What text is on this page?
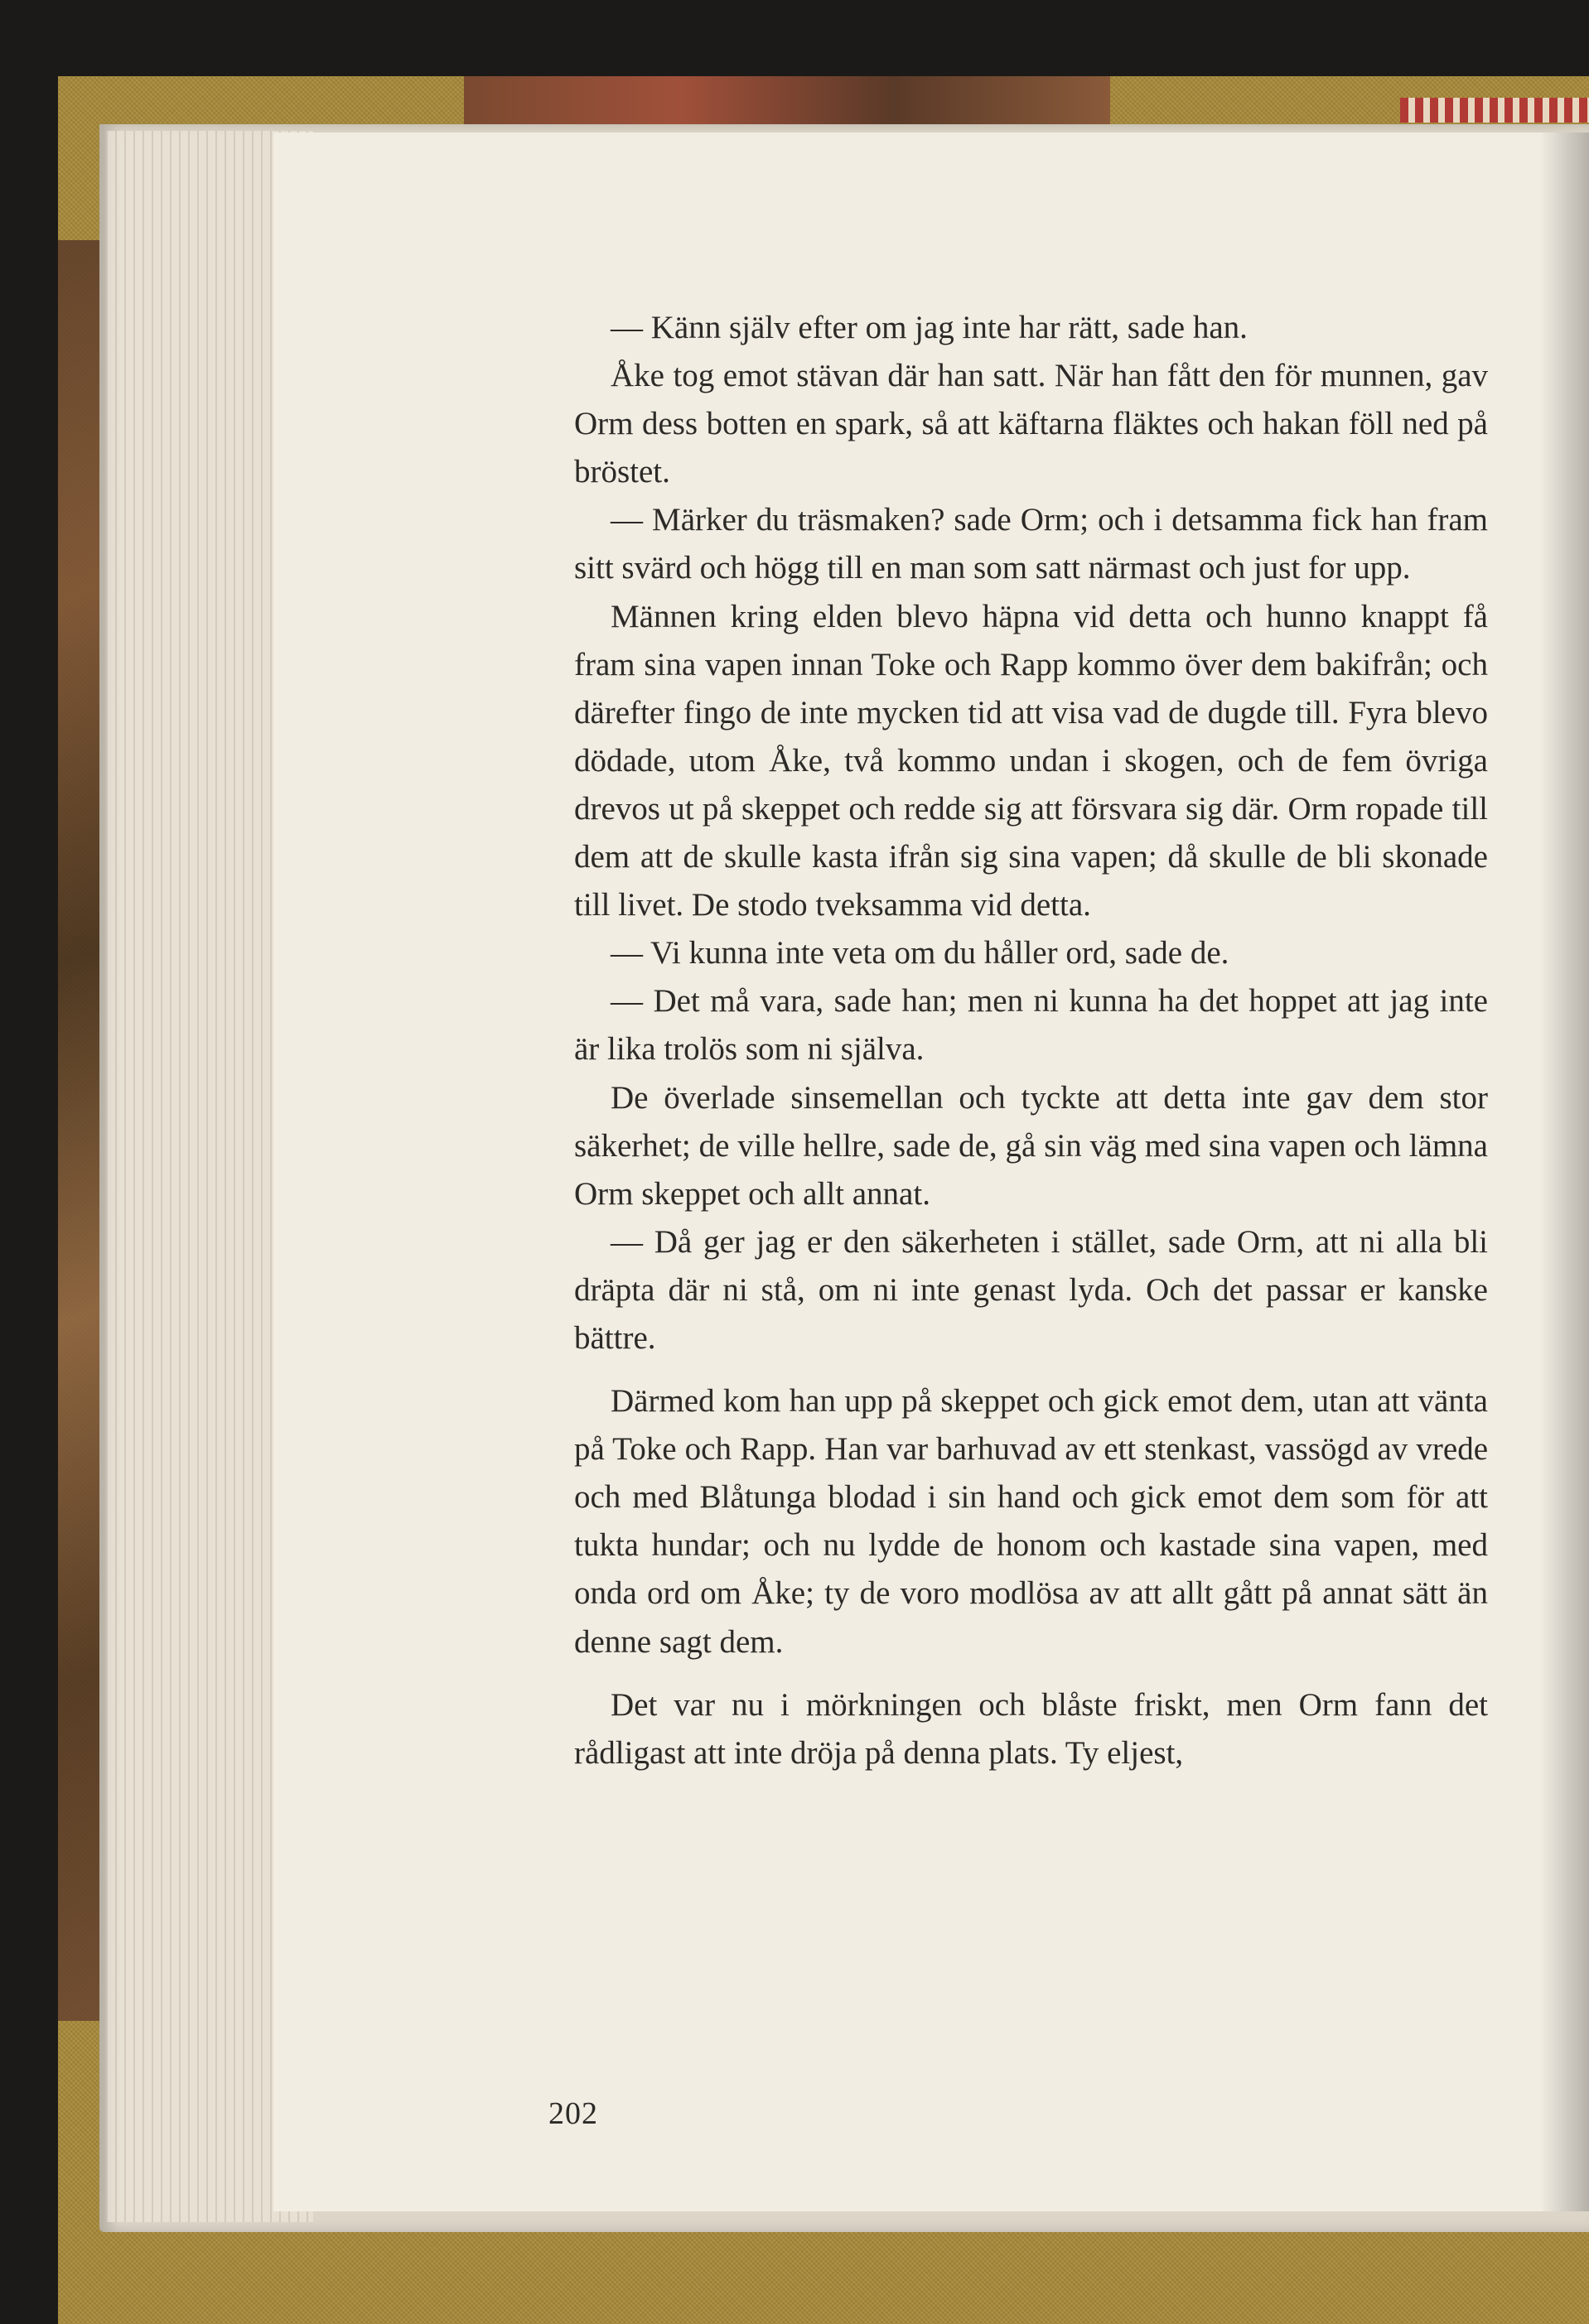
— Känn själv efter om jag inte har rätt, sade han.

Åke tog emot stävan där han satt. När han fått den för munnen, gav Orm dess botten en spark, så att käftarna fläktes och hakan föll ned på bröstet.

— Märker du träsmaken? sade Orm; och i detsamma fick han fram sitt svärd och högg till en man som satt närmast och just for upp.

Männen kring elden blevo häpna vid detta och hunno knappt få fram sina vapen innan Toke och Rapp kommo över dem bakifrån; och därefter fingo de inte mycken tid att visa vad de dugde till. Fyra blevo dödade, utom Åke, två kommo undan i skogen, och de fem övriga drevos ut på skeppet och redde sig att försvara sig där. Orm ropade till dem att de skulle kasta ifrån sig sina vapen; då skulle de bli skonade till livet. De stodo tveksamma vid detta.

— Vi kunna inte veta om du håller ord, sade de.

— Det må vara, sade han; men ni kunna ha det hoppet att jag inte är lika trolös som ni själva.

De överlade sinsemellan och tyckte att detta inte gav dem stor säkerhet; de ville hellre, sade de, gå sin väg med sina vapen och lämna Orm skeppet och allt annat.

— Då ger jag er den säkerheten i stället, sade Orm, att ni alla bli dräpta där ni stå, om ni inte genast lyda. Och det passar er kanske bättre.

Därmed kom han upp på skeppet och gick emot dem, utan att vänta på Toke och Rapp. Han var barhuvad av ett stenkast, vassögd av vrede och med Blåtunga blodad i sin hand och gick emot dem som för att tukta hundar; och nu lydde de honom och kastade sina vapen, med onda ord om Åke; ty de voro modlösa av att allt gått på annat sätt än denne sagt dem.

Det var nu i mörkningen och blåste friskt, men Orm fann det rådligast att inte dröja på denna plats. Ty eljest,

202
